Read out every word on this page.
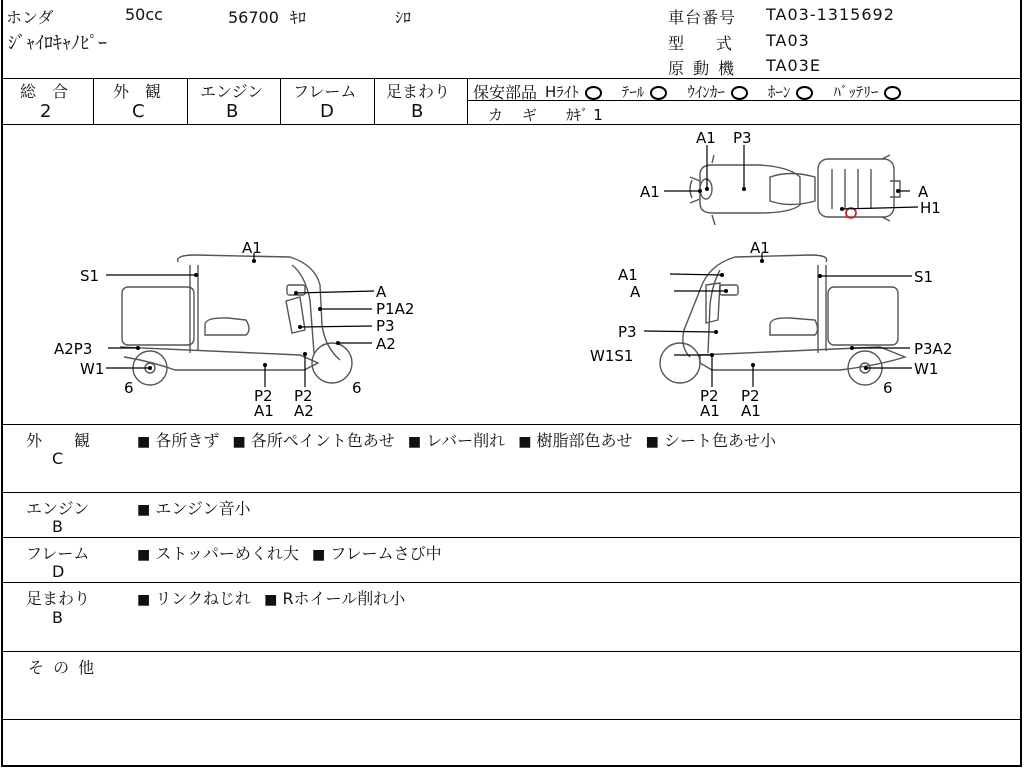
ホンダ	50cc	56700 ｷﾛ	ｼﾛ
ｼﾞｬｲﾛｷｬﾉﾋﾟｰ
車台番号 TA03-1315692
型　　式 TA03
原 動 機 TA03E
総　合
2
外　観
C
エンジン
B
フレーム
D
足まわり
B
保安部品 Hﾗｲﾄ	ﾃｰﾙ	ｳｲﾝｶｰ	ﾎｰﾝ	ﾊﾞｯﾃﾘｰ
カ　ギ ｶｷﾞ 1
A1 P3
A1	A
H1
A1
S1
A
P1A2
P3
A2
A2P3
W1
6	6
P2
A1
P2
A2
A1
A1
A
S1
P3
W1S1	P3A2
W1
6
P2
A1
P2
A1
外　　観
C
■ 各所きず ■ 各所ペイント色あせ ■ レバー削れ ■ 樹脂部色あせ ■ シート色あせ小
エンジン
B
■ エンジン音小
フレーム
D
■ ストッパーめくれ大 ■ フレームさび中
足まわり
B
■ リンクねじれ ■ Rホイール削れ小
そ の 他
